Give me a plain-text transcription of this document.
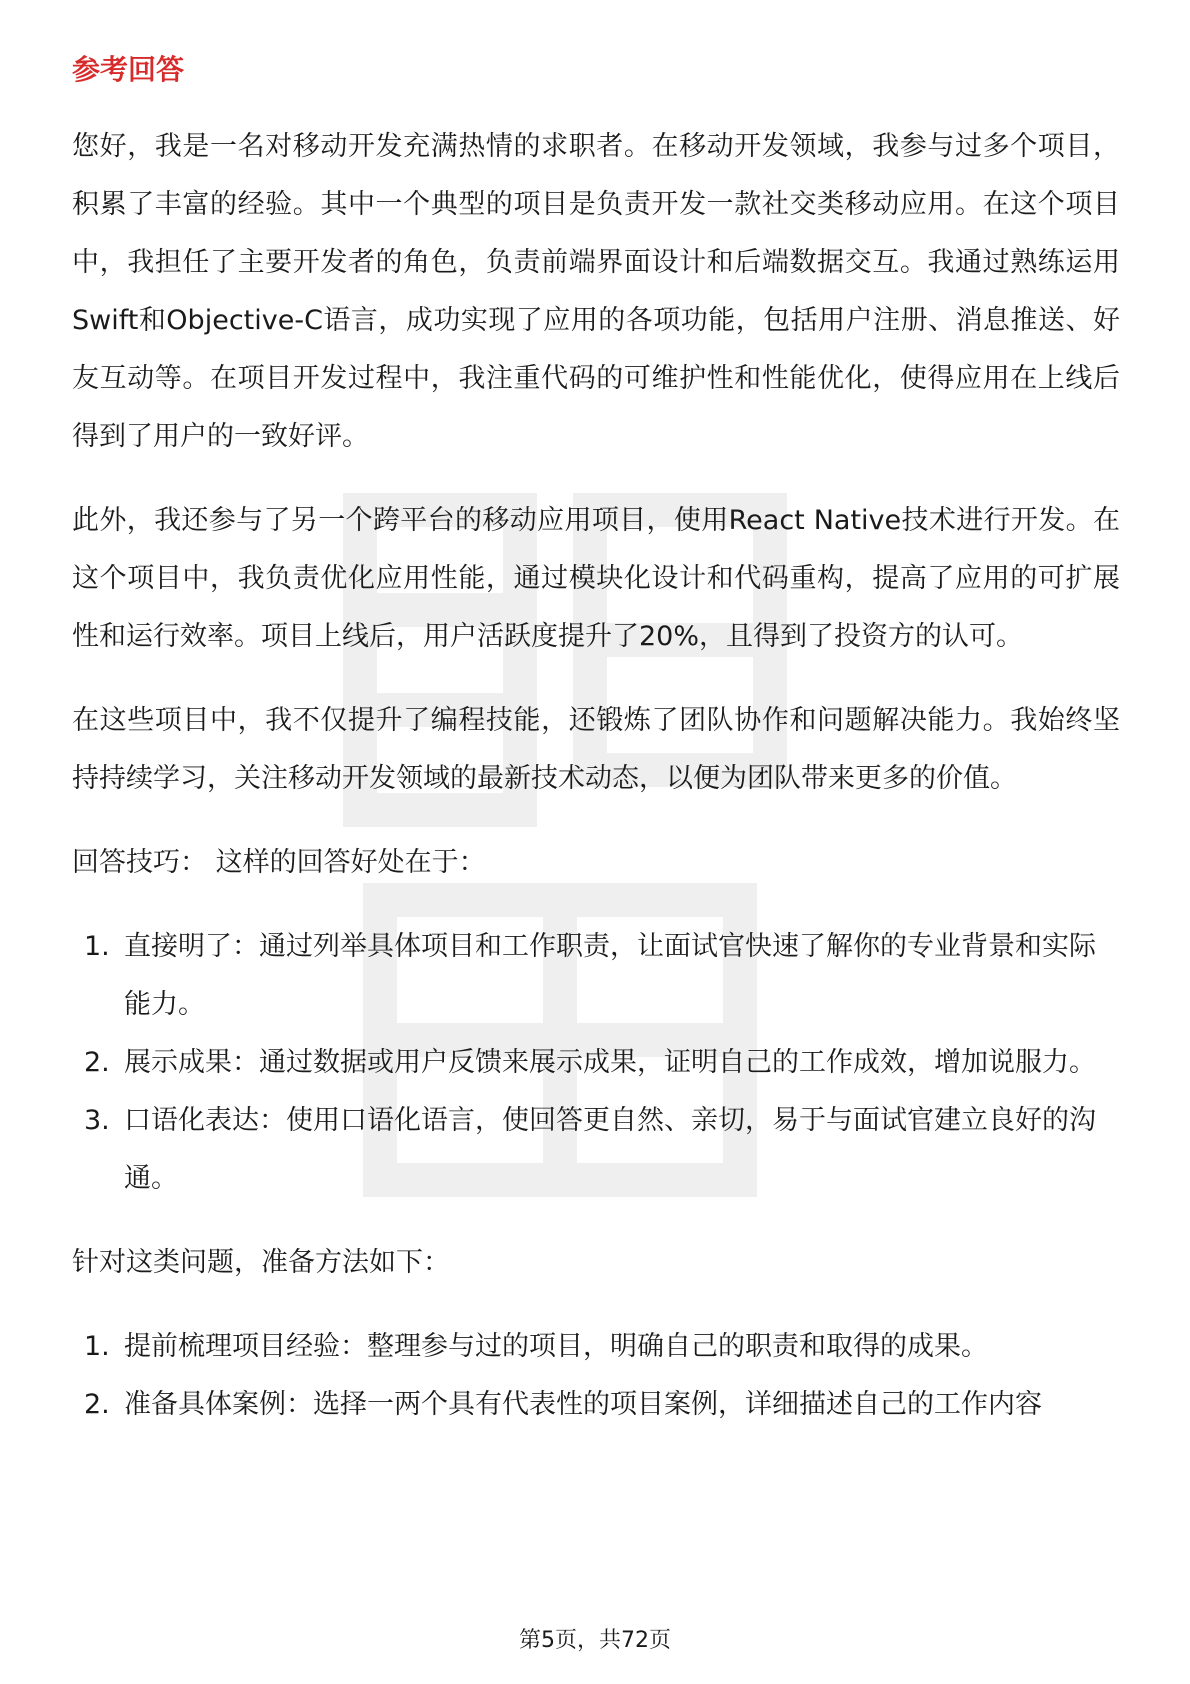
参考回答

您好，我是一名对移动开发充满热情的求职者。在移动开发领域，我参与过多个项目，积累了丰富的经验。其中一个典型的项目是负责开发一款社交类移动应用。在这个项目中，我担任了主要开发者的角色，负责前端界面设计和后端数据交互。我通过熟练运用Swift和Objective-C语言，成功实现了应用的各项功能，包括用户注册、消息推送、好友互动等。在项目开发过程中，我注重代码的可维护性和性能优化，使得应用在上线后得到了用户的一致好评。

此外，我还参与了另一个跨平台的移动应用项目，使用React Native技术进行开发。在这个项目中，我负责优化应用性能，通过模块化设计和代码重构，提高了应用的可扩展性和运行效率。项目上线后，用户活跃度提升了20%，且得到了投资方的认可。

在这些项目中，我不仅提升了编程技能，还锻炼了团队协作和问题解决能力。我始终坚持持续学习，关注移动开发领域的最新技术动态，以便为团队带来更多的价值。

回答技巧： 这样的回答好处在于：

1. 直接明了：通过列举具体项目和工作职责，让面试官快速了解你的专业背景和实际能力。
2. 展示成果：通过数据或用户反馈来展示成果，证明自己的工作成效，增加说服力。
3. 口语化表达：使用口语化语言，使回答更自然、亲切，易于与面试官建立良好的沟通。

针对这类问题，准备方法如下：

1. 提前梳理项目经验：整理参与过的项目，明确自己的职责和取得的成果。
2. 准备具体案例：选择一两个具有代表性的项目案例，详细描述自己的工作内容
第5页，共72页
